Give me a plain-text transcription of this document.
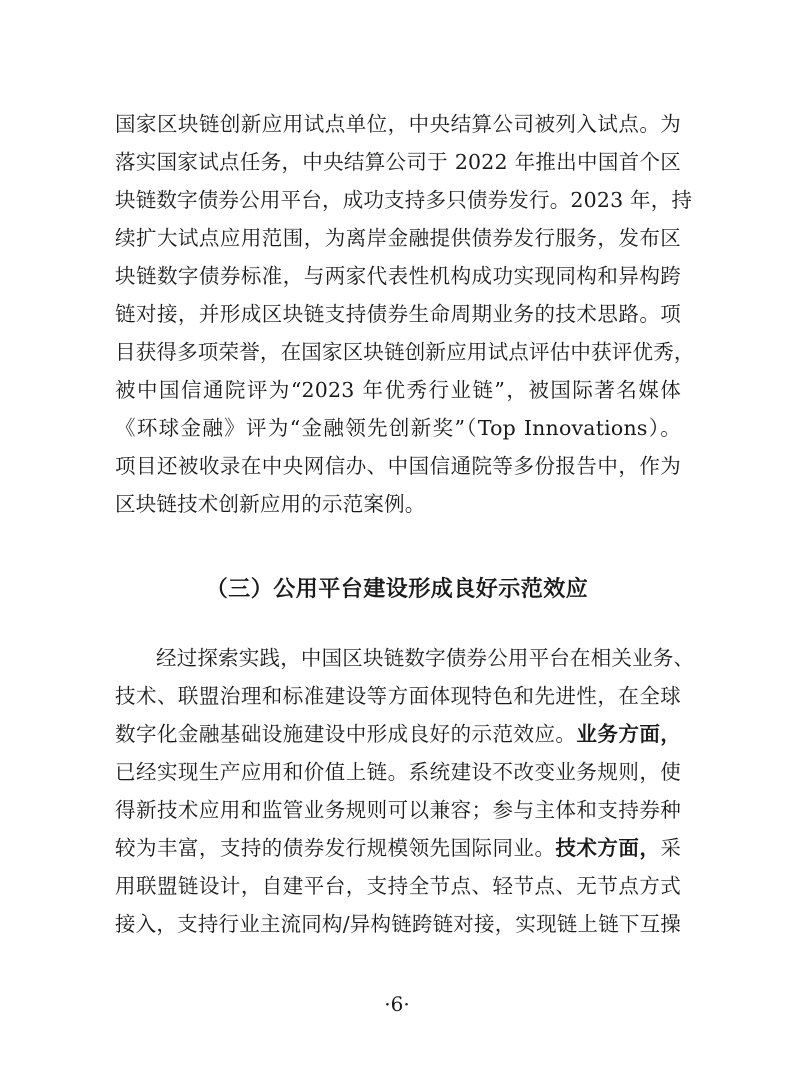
国家区块链创新应用试点单位，中央结算公司被列入试点。为
落实国家试点任务，中央结算公司于 2022 年推出中国首个区
块链数字债券公用平台，成功支持多只债券发行。2023 年，持
续扩大试点应用范围，为离岸金融提供债券发行服务，发布区
块链数字债券标准，与两家代表性机构成功实现同构和异构跨
链对接，并形成区块链支持债券生命周期业务的技术思路。项
目获得多项荣誉，在国家区块链创新应用试点评估中获评优秀，
被中国信通院评为“2023 年优秀行业链”，被国际著名媒体
《环球金融》评为“金融领先创新奖”（Top Innovations）。
项目还被收录在中央网信办、中国信通院等多份报告中，作为
区块链技术创新应用的示范案例。
（三）公用平台建设形成良好示范效应
经过探索实践，中国区块链数字债券公用平台在相关业务、
技术、联盟治理和标准建设等方面体现特色和先进性，在全球
数字化金融基础设施建设中形成良好的示范效应。业务方面，
已经实现生产应用和价值上链。系统建设不改变业务规则，使
得新技术应用和监管业务规则可以兼容；参与主体和支持券种
较为丰富，支持的债券发行规模领先国际同业。技术方面，采
用联盟链设计，自建平台，支持全节点、轻节点、无节点方式
接入，支持行业主流同构/异构链跨链对接，实现链上链下互操
·6·
